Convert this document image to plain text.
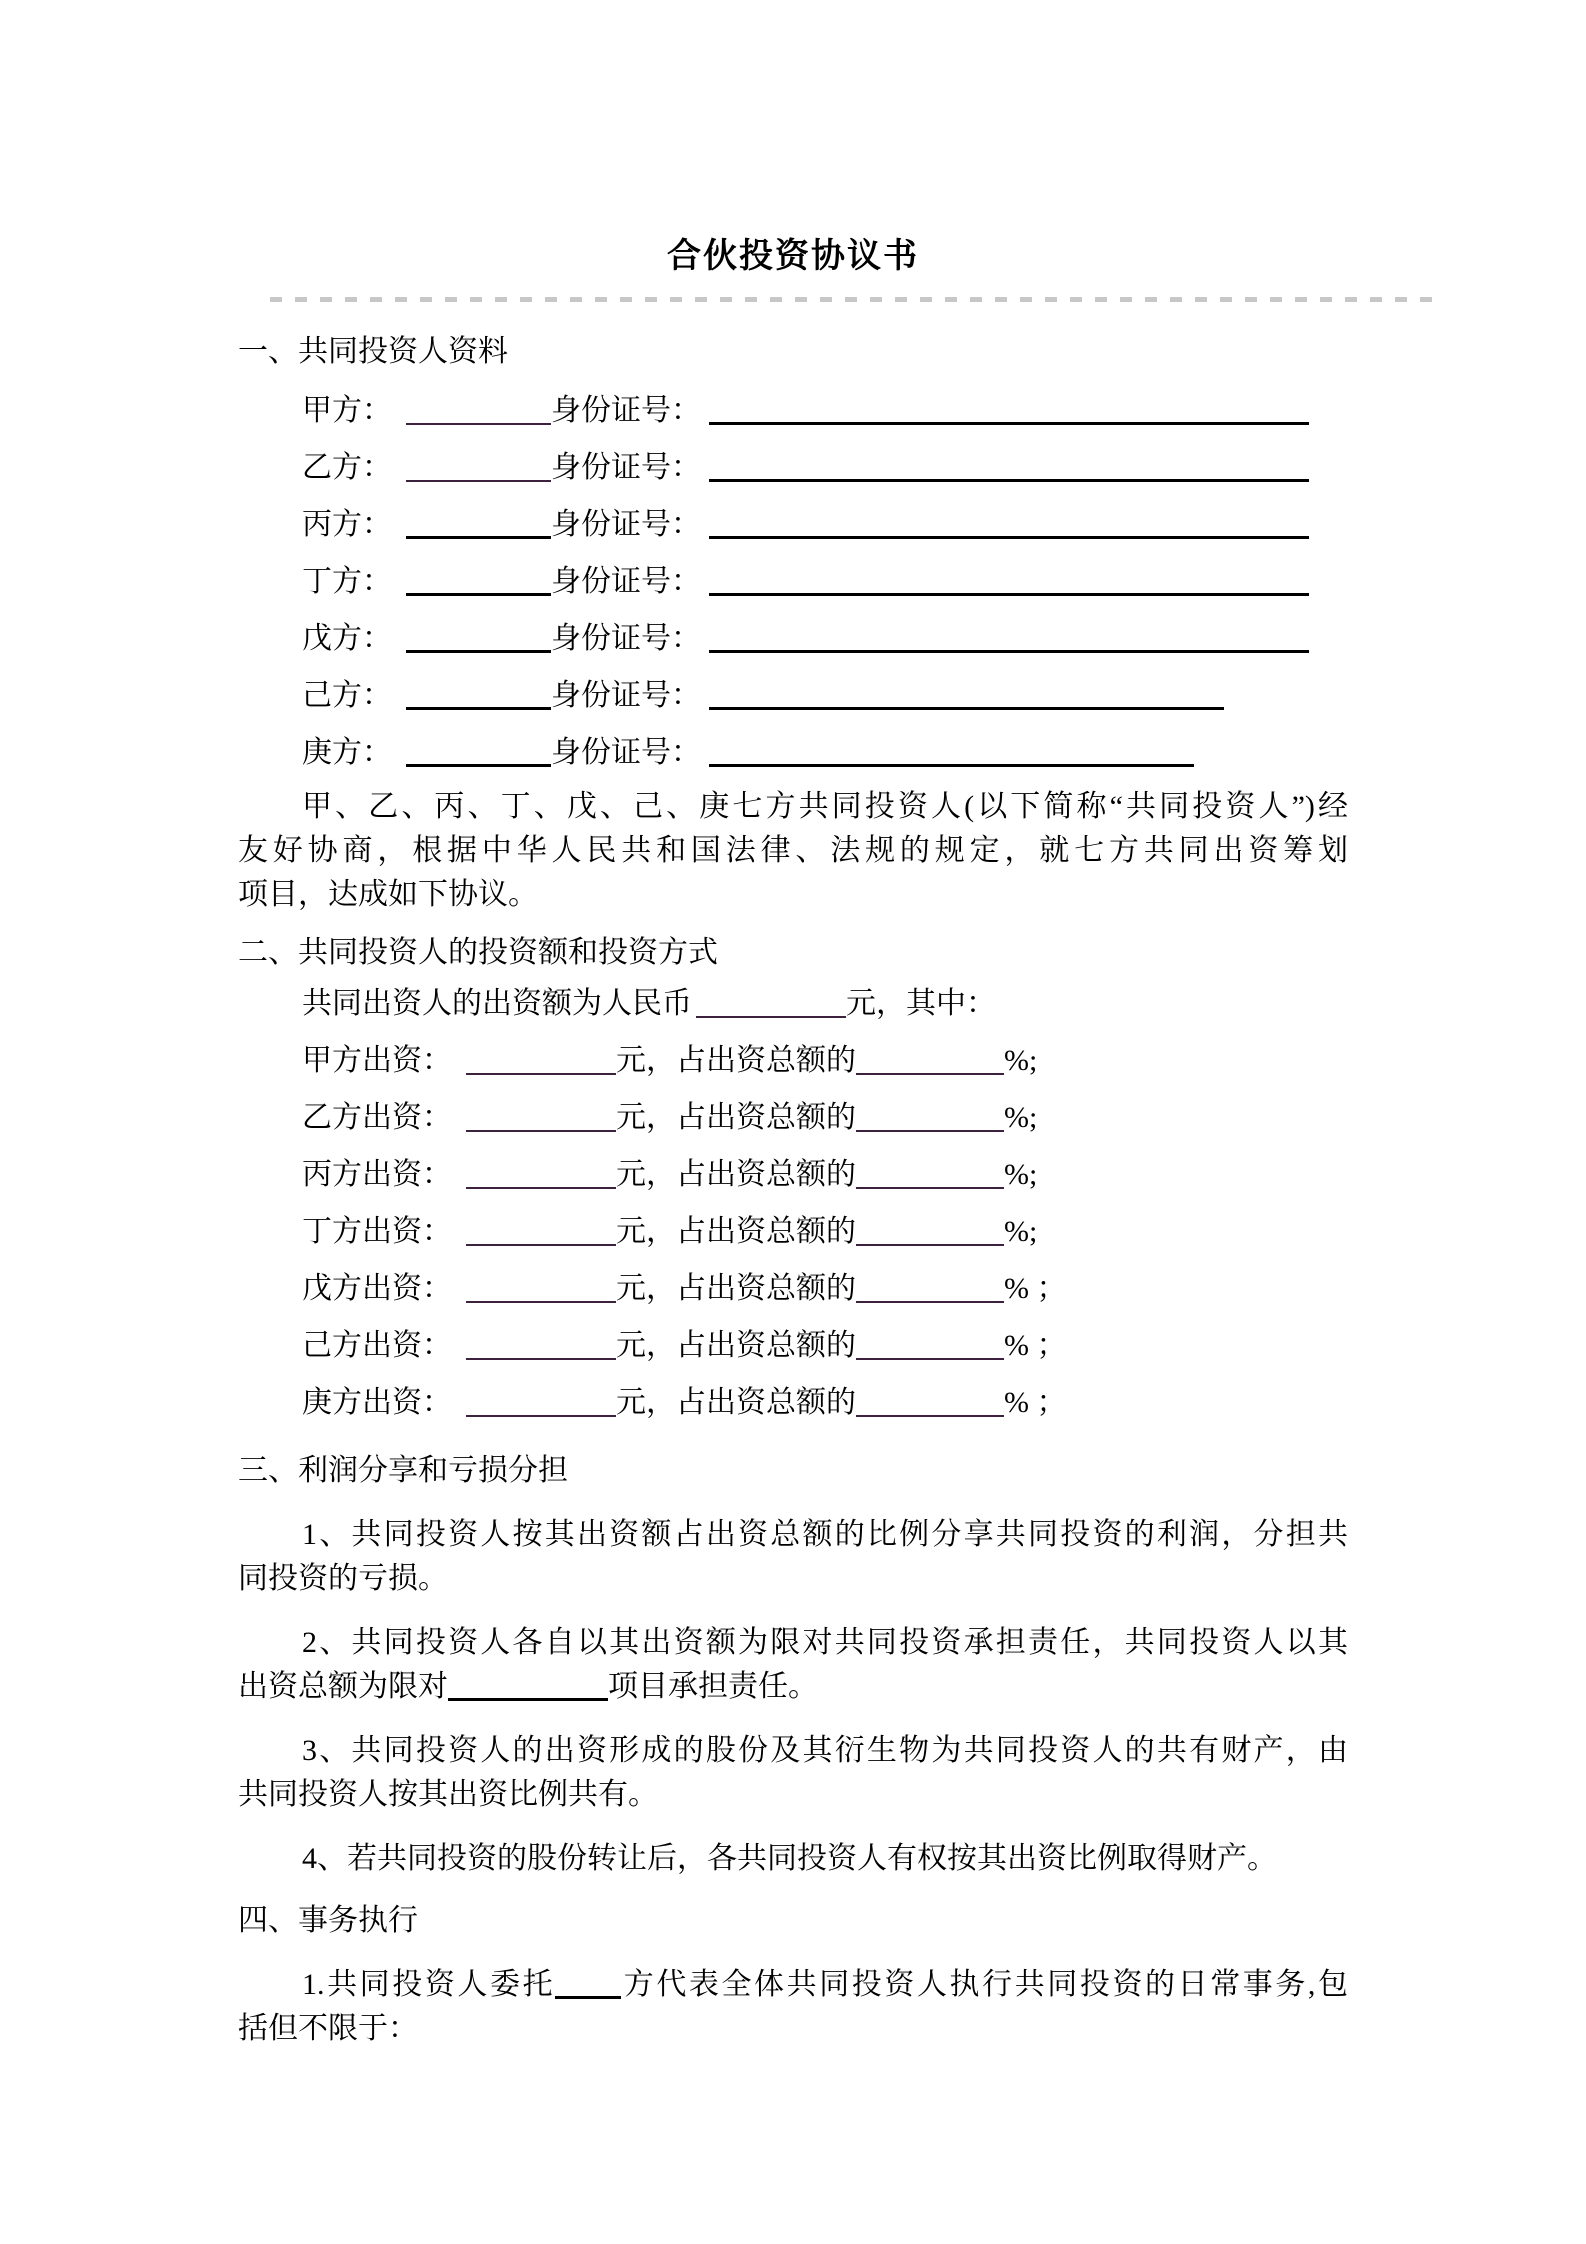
合伙投资协议书
一、共同投资人资料
甲方：	身份证号：
乙方：	身份证号：
丙方：	身份证号：
丁方：	身份证号：
戊方：	身份证号：
己方：	身份证号：
庚方：	身份证号：
甲、乙、丙、丁、戊、己、庚七方共同投资人(以下简称“共同投资人”)经
友好协商，根据中华人民共和国法律、法规的规定，就七方共同出资筹划
项目，达成如下协议。
二、共同投资人的投资额和投资方式
共同出资人的出资额为人民币	元，其中：
甲方出资：	元，占出资总额的	%;
乙方出资：	元，占出资总额的	%;
丙方出资：	元，占出资总额的	%;
丁方出资：	元，占出资总额的	%;
戊方出资：	元，占出资总额的	% ；
己方出资：	元，占出资总额的	% ；
庚方出资：	元，占出资总额的	% ；
三、利润分享和亏损分担
1、共同投资人按其出资额占出资总额的比例分享共同投资的利润，分担共
同投资的亏损。
2、共同投资人各自以其出资额为限对共同投资承担责任，共同投资人以其
出资总额为限对	项目承担责任。
3、共同投资人的出资形成的股份及其衍生物为共同投资人的共有财产，由
共同投资人按其出资比例共有。
4、若共同投资的股份转让后，各共同投资人有权按其出资比例取得财产。
四、事务执行
1.共同投资人委托 方代表全体共同投资人执行共同投资的日常事务,包
括但不限于：
